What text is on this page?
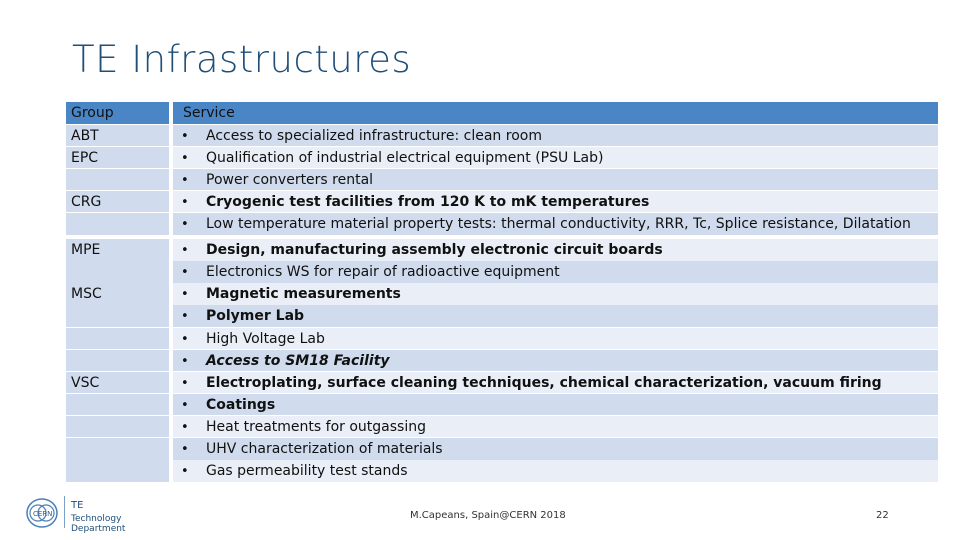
TE Infrastructures
Group	Service
ABT	• Access to specialized infrastructure: clean room
EPC	• Qualification of industrial electrical equipment (PSU Lab)
• Power converters rental
CRG	• Cryogenic test facilities from 120 K to mK temperatures
• Low temperature material property tests: thermal conductivity, RRR, Tc, Splice resistance, Dilatation
MPE	• Design, manufacturing assembly electronic circuit boards
• Electronics WS for repair of radioactive equipment
MSC	• Magnetic measurements
• Polymer Lab
• High Voltage Lab
• Access to SM18 Facility
VSC	• Electroplating, surface cleaning techniques, chemical characterization, vacuum firing
• Coatings
• Heat treatments for outgassing
• UHV characterization of materials
• Gas permeability test stands
CERN
TE
Technology Department
M.Capeans, Spain@CERN 2018	22
